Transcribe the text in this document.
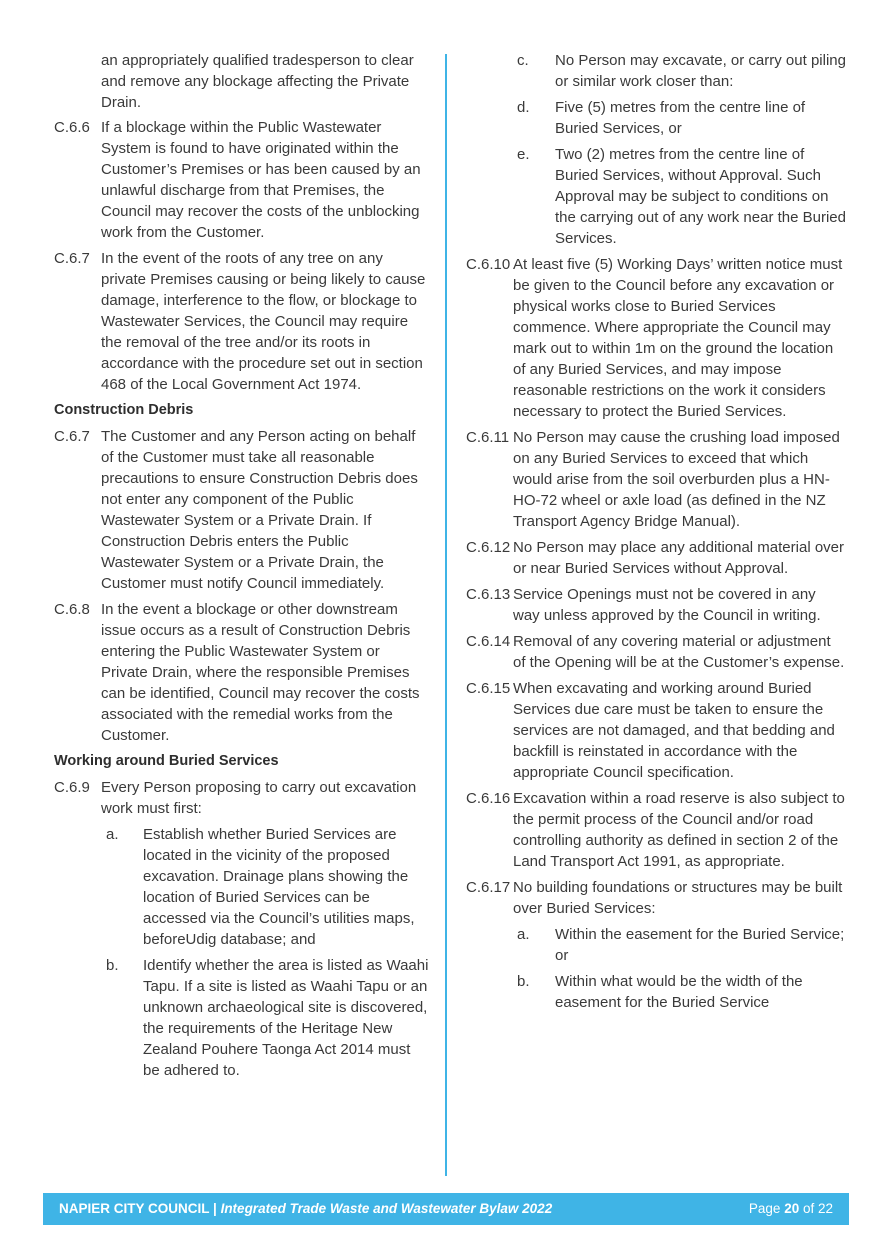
an appropriately qualified tradesperson to clear and remove any blockage affecting the Private Drain.

C.6.6 If a blockage within the Public Wastewater System is found to have originated within the Customer’s Premises or has been caused by an unlawful discharge from that Premises, the Council may recover the costs of the unblocking work from the Customer.
C.6.7 In the event of the roots of any tree on any private Premises causing or being likely to cause damage, interference to the flow, or blockage to Wastewater Services, the Council may require the removal of the tree and/or its roots in accordance with the procedure set out in section 468 of the Local Government Act 1974.
Construction Debris
C.6.7 The Customer and any Person acting on behalf of the Customer must take all reasonable precautions to ensure Construction Debris does not enter any component of the Public Wastewater System or a Private Drain. If Construction Debris enters the Public Wastewater System or a Private Drain, the Customer must notify Council immediately.
C.6.8 In the event a blockage or other downstream issue occurs as a result of Construction Debris entering the Public Wastewater System or Private Drain, where the responsible Premises can be identified, Council may recover the costs associated with the remedial works from the Customer.
Working around Buried Services
C.6.9 Every Person proposing to carry out excavation work must first:
a. Establish whether Buried Services are located in the vicinity of the proposed excavation. Drainage plans showing the location of Buried Services can be accessed via the Council’s utilities maps, beforeUdig database; and
b. Identify whether the area is listed as Waahi Tapu. If a site is listed as Waahi Tapu or an unknown archaeological site is discovered, the requirements of the Heritage New Zealand Pouhere Taonga Act 2014 must be adhered to.
c. No Person may excavate, or carry out piling or similar work closer than:
d. Five (5) metres from the centre line of Buried Services, or
e. Two (2) metres from the centre line of Buried Services, without Approval. Such Approval may be subject to conditions on the carrying out of any work near the Buried Services.
C.6.10 At least five (5) Working Days’ written notice must be given to the Council before any excavation or physical works close to Buried Services commence. Where appropriate the Council may mark out to within 1m on the ground the location of any Buried Services, and may impose reasonable restrictions on the work it considers necessary to protect the Buried Services.
C.6.11 No Person may cause the crushing load imposed on any Buried Services to exceed that which would arise from the soil overburden plus a HN-HO-72 wheel or axle load (as defined in the NZ Transport Agency Bridge Manual).
C.6.12 No Person may place any additional material over or near Buried Services without Approval.
C.6.13 Service Openings must not be covered in any way unless approved by the Council in writing.
C.6.14 Removal of any covering material or adjustment of the Opening will be at the Customer’s expense.
C.6.15 When excavating and working around Buried Services due care must be taken to ensure the services are not damaged, and that bedding and backfill is reinstated in accordance with the appropriate Council specification.
C.6.16 Excavation within a road reserve is also subject to the permit process of the Council and/or road controlling authority as defined in section 2 of the Land Transport Act 1991, as appropriate.
C.6.17 No building foundations or structures may be built over Buried Services:
a. Within the easement for the Buried Service; or
b. Within what would be the width of the easement for the Buried Service
NAPIER CITY COUNCIL | Integrated Trade Waste and Wastewater Bylaw 2022	Page 20 of 22
